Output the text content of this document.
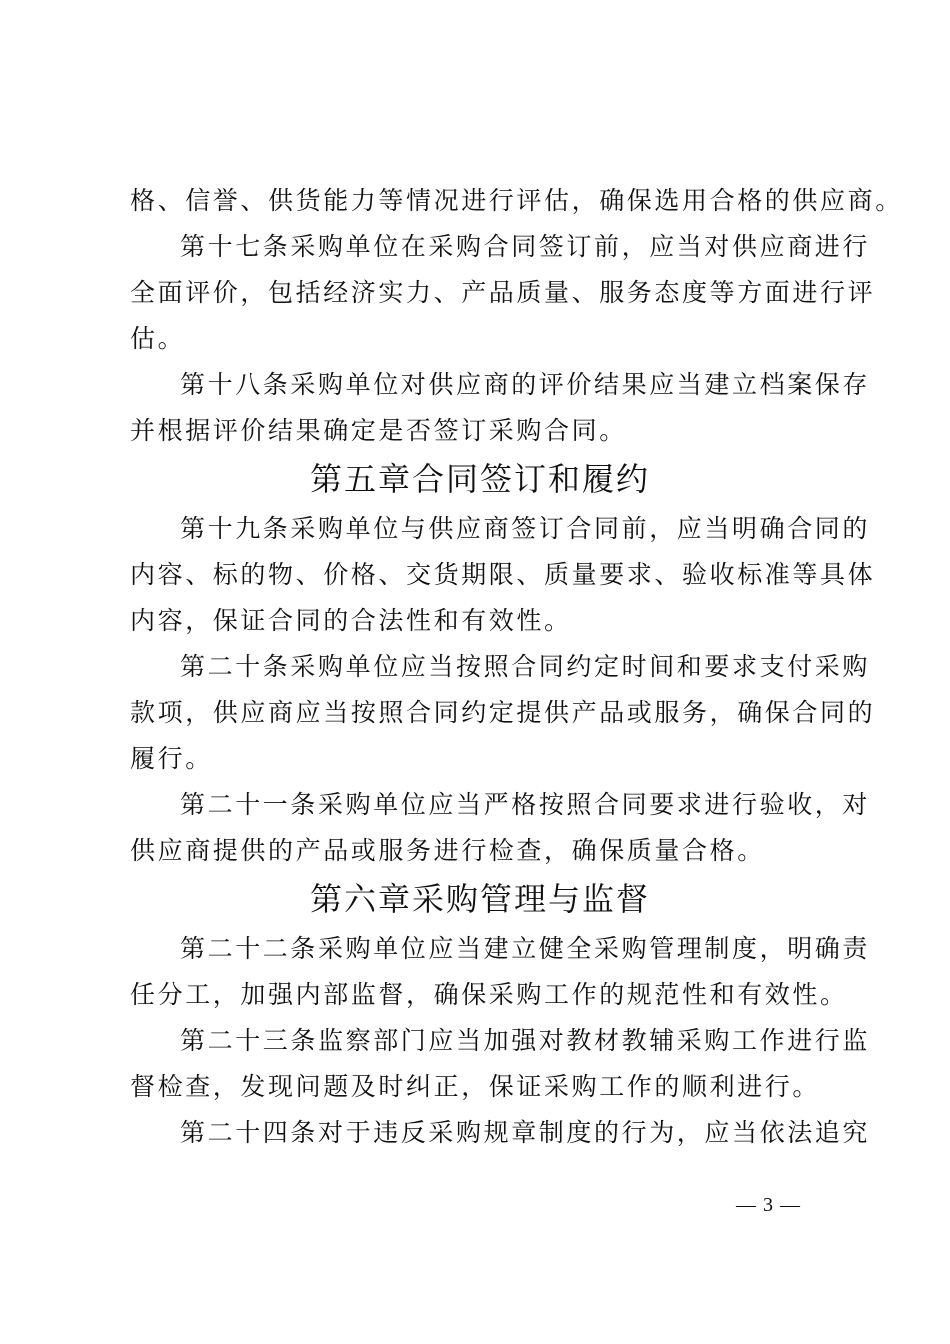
格、信誉、供货能力等情况进行评估，确保选用合格的供应商。
第十七条采购单位在采购合同签订前，应当对供应商进行
全面评价，包括经济实力、产品质量、服务态度等方面进行评
估。
第十八条采购单位对供应商的评价结果应当建立档案保存
并根据评价结果确定是否签订采购合同。
第五章合同签订和履约
第十九条采购单位与供应商签订合同前，应当明确合同的
内容、标的物、价格、交货期限、质量要求、验收标准等具体
内容，保证合同的合法性和有效性。
第二十条采购单位应当按照合同约定时间和要求支付采购
款项，供应商应当按照合同约定提供产品或服务，确保合同的
履行。
第二十一条采购单位应当严格按照合同要求进行验收，对
供应商提供的产品或服务进行检查，确保质量合格。
第六章采购管理与监督
第二十二条采购单位应当建立健全采购管理制度，明确责
任分工，加强内部监督，确保采购工作的规范性和有效性。
第二十三条监察部门应当加强对教材教辅采购工作进行监
督检查，发现问题及时纠正，保证采购工作的顺利进行。
第二十四条对于违反采购规章制度的行为，应当依法追究
— 3 —
